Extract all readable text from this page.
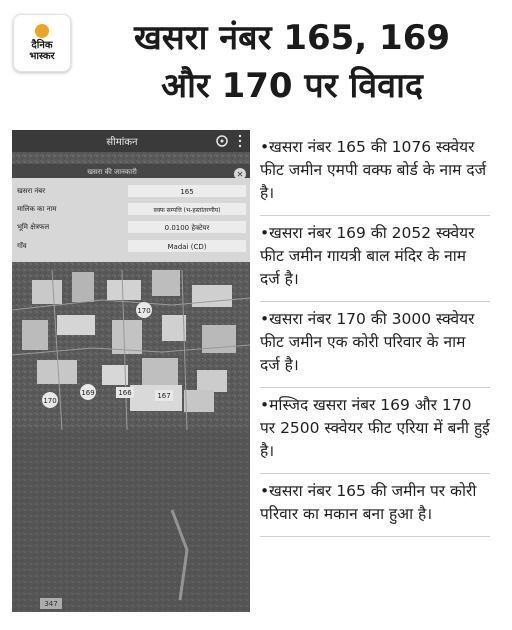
दैनिक
भास्कर	खसरा नंबर 165, 169
और 170 पर विवाद
सीमांकन
खसरा की जानकारी	✕
खसरा नंबर	165
मालिक का नाम	वक्फ सम्पत्ति (भ-हस्तांतरणीय)
भूमि क्षेत्रफल	0.0100 हेक्टेयर
गाँव	Madai (CD)
170
169
170
166	167
347
• खसरा नंबर 165 की 1076 स्क्वेयर फीट जमीन एमपी वक्फ बोर्ड के नाम दर्ज है।
• खसरा नंबर 169 की 2052 स्क्वेयर फीट जमीन गायत्री बाल मंदिर के नाम दर्ज है।
• खसरा नंबर 170 की 3000 स्क्वेयर फीट जमीन एक कोरी परिवार के नाम दर्ज है।
• मस्जिद खसरा नंबर 169 और 170 पर 2500 स्क्वेयर फीट एरिया में बनी हुई है।
• खसरा नंबर 165 की जमीन पर कोरी परिवार का मकान बना हुआ है।
